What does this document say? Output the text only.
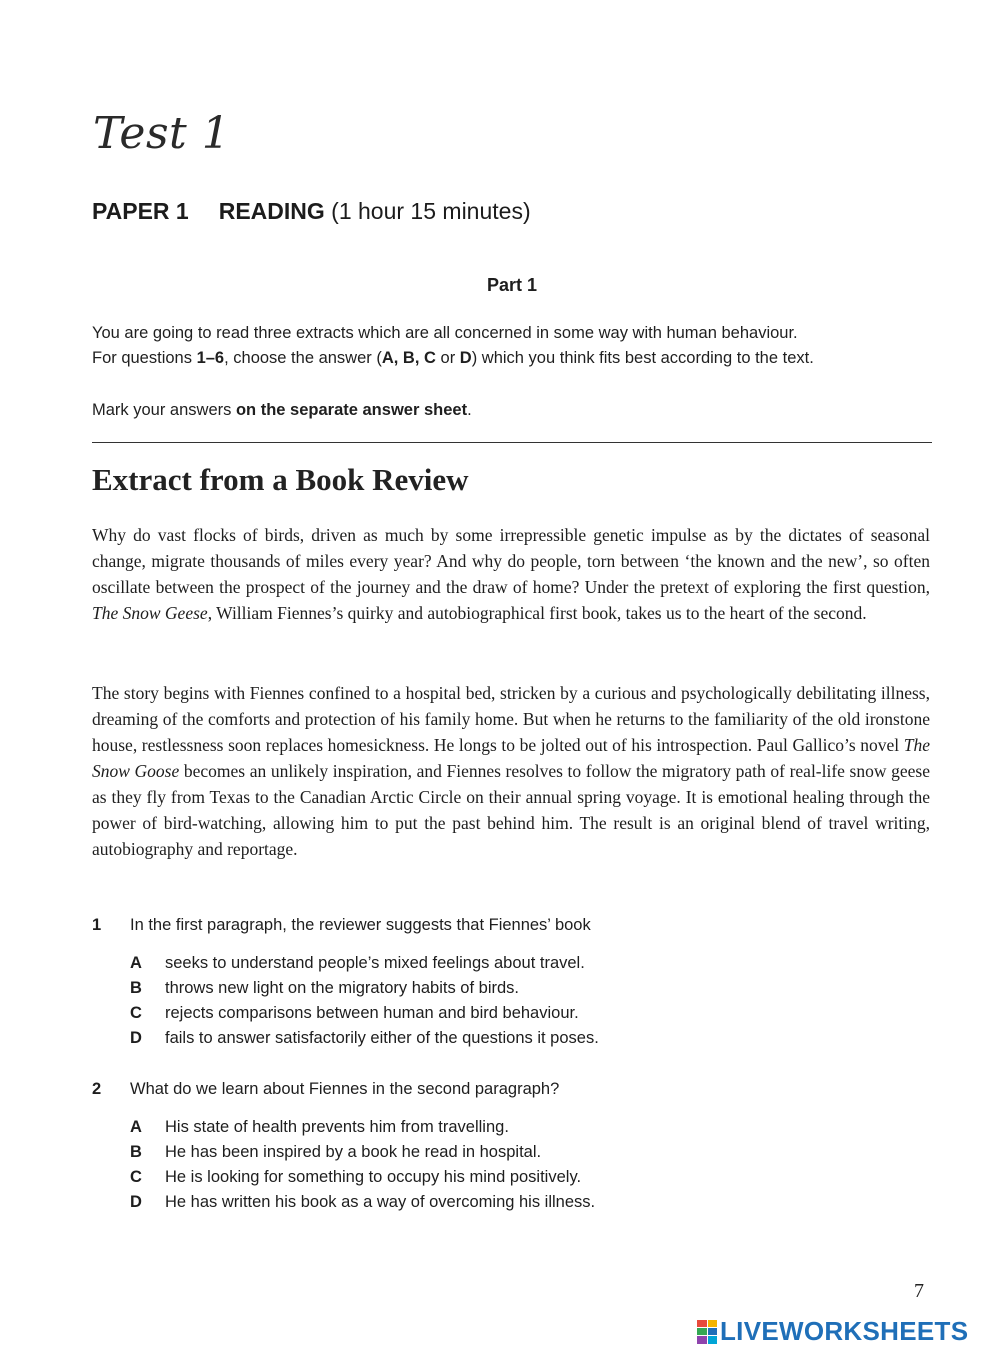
Test 1
PAPER 1 READING (1 hour 15 minutes)
Part 1
You are going to read three extracts which are all concerned in some way with human behaviour.
For questions 1–6, choose the answer (A, B, C or D) which you think fits best according to the text.
Mark your answers on the separate answer sheet.
Extract from a Book Review

Why do vast flocks of birds, driven as much by some irrepressible genetic impulse as by the dictates of seasonal change, migrate thousands of miles every year? And why do people, torn between ‘the known and the new’, so often oscillate between the prospect of the journey and the draw of home? Under the pretext of exploring the first question, The Snow Geese, William Fiennes’s quirky and autobiographical first book, takes us to the heart of the second.

The story begins with Fiennes confined to a hospital bed, stricken by a curious and psychologically debilitating illness, dreaming of the comforts and protection of his family home. But when he returns to the familiarity of the old ironstone house, restlessness soon replaces homesickness. He longs to be jolted out of his introspection. Paul Gallico’s novel The Snow Goose becomes an unlikely inspiration, and Fiennes resolves to follow the migratory path of real-life snow geese as they fly from Texas to the Canadian Arctic Circle on their annual spring voyage. It is emotional healing through the power of bird-watching, allowing him to put the past behind him. The result is an original blend of travel writing, autobiography and reportage.

1 In the first paragraph, the reviewer suggests that Fiennes’ book
A seeks to understand people’s mixed feelings about travel.
B throws new light on the migratory habits of birds.
C rejects comparisons between human and bird behaviour.
D fails to answer satisfactorily either of the questions it poses.
2 What do we learn about Fiennes in the second paragraph?
A His state of health prevents him from travelling.
B He has been inspired by a book he read in hospital.
C He is looking for something to occupy his mind positively.
D He has written his book as a way of overcoming his illness.
7
LIVEWORKSHEETS
